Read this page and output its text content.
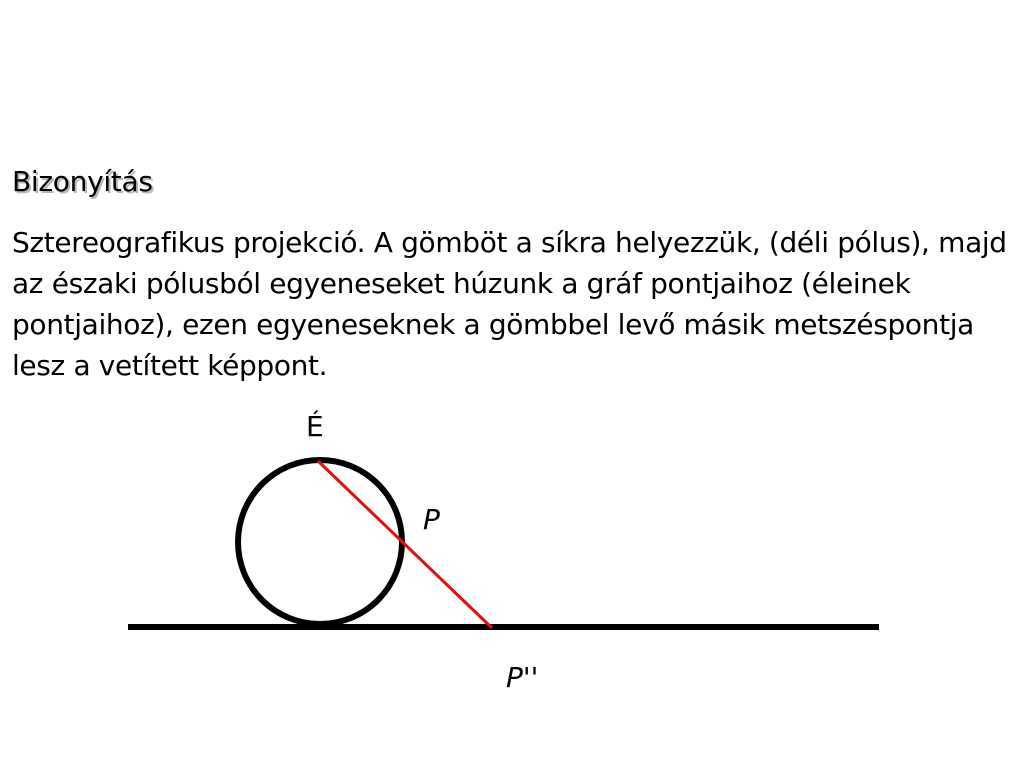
Bizonyítás
Sztereografikus projekció. A gömböt a síkra helyezzük, (déli pólus), majd az északi pólusból egyeneseket húzunk a gráf pontjaihoz (éleinek pontjaihoz), ezen egyeneseknek a gömbbel levő másik metszéspontja lesz a vetített képpont.
É
P
P''
